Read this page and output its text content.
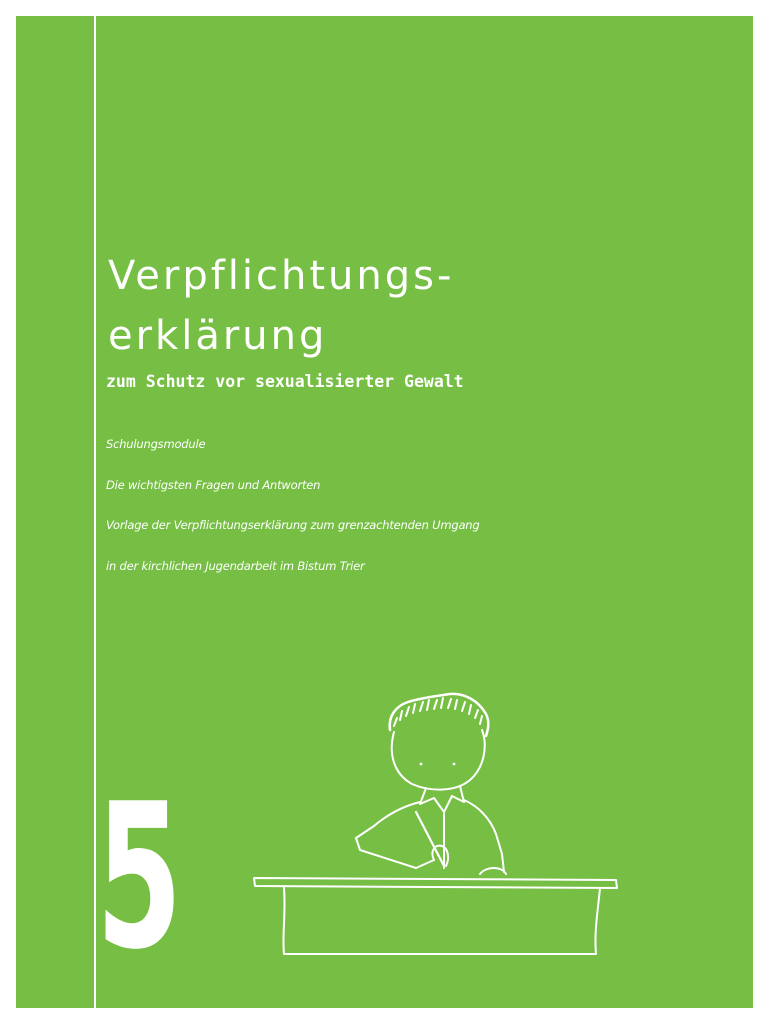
Verpflichtungs-
erklärung
zum Schutz vor sexualisierter Gewalt
Schulungsmodule
Die wichtigsten Fragen und Antworten
Vorlage der Verpflichtungserklärung zum grenzachtenden Umgang
in der kirchlichen Jugendarbeit im Bistum Trier
5
